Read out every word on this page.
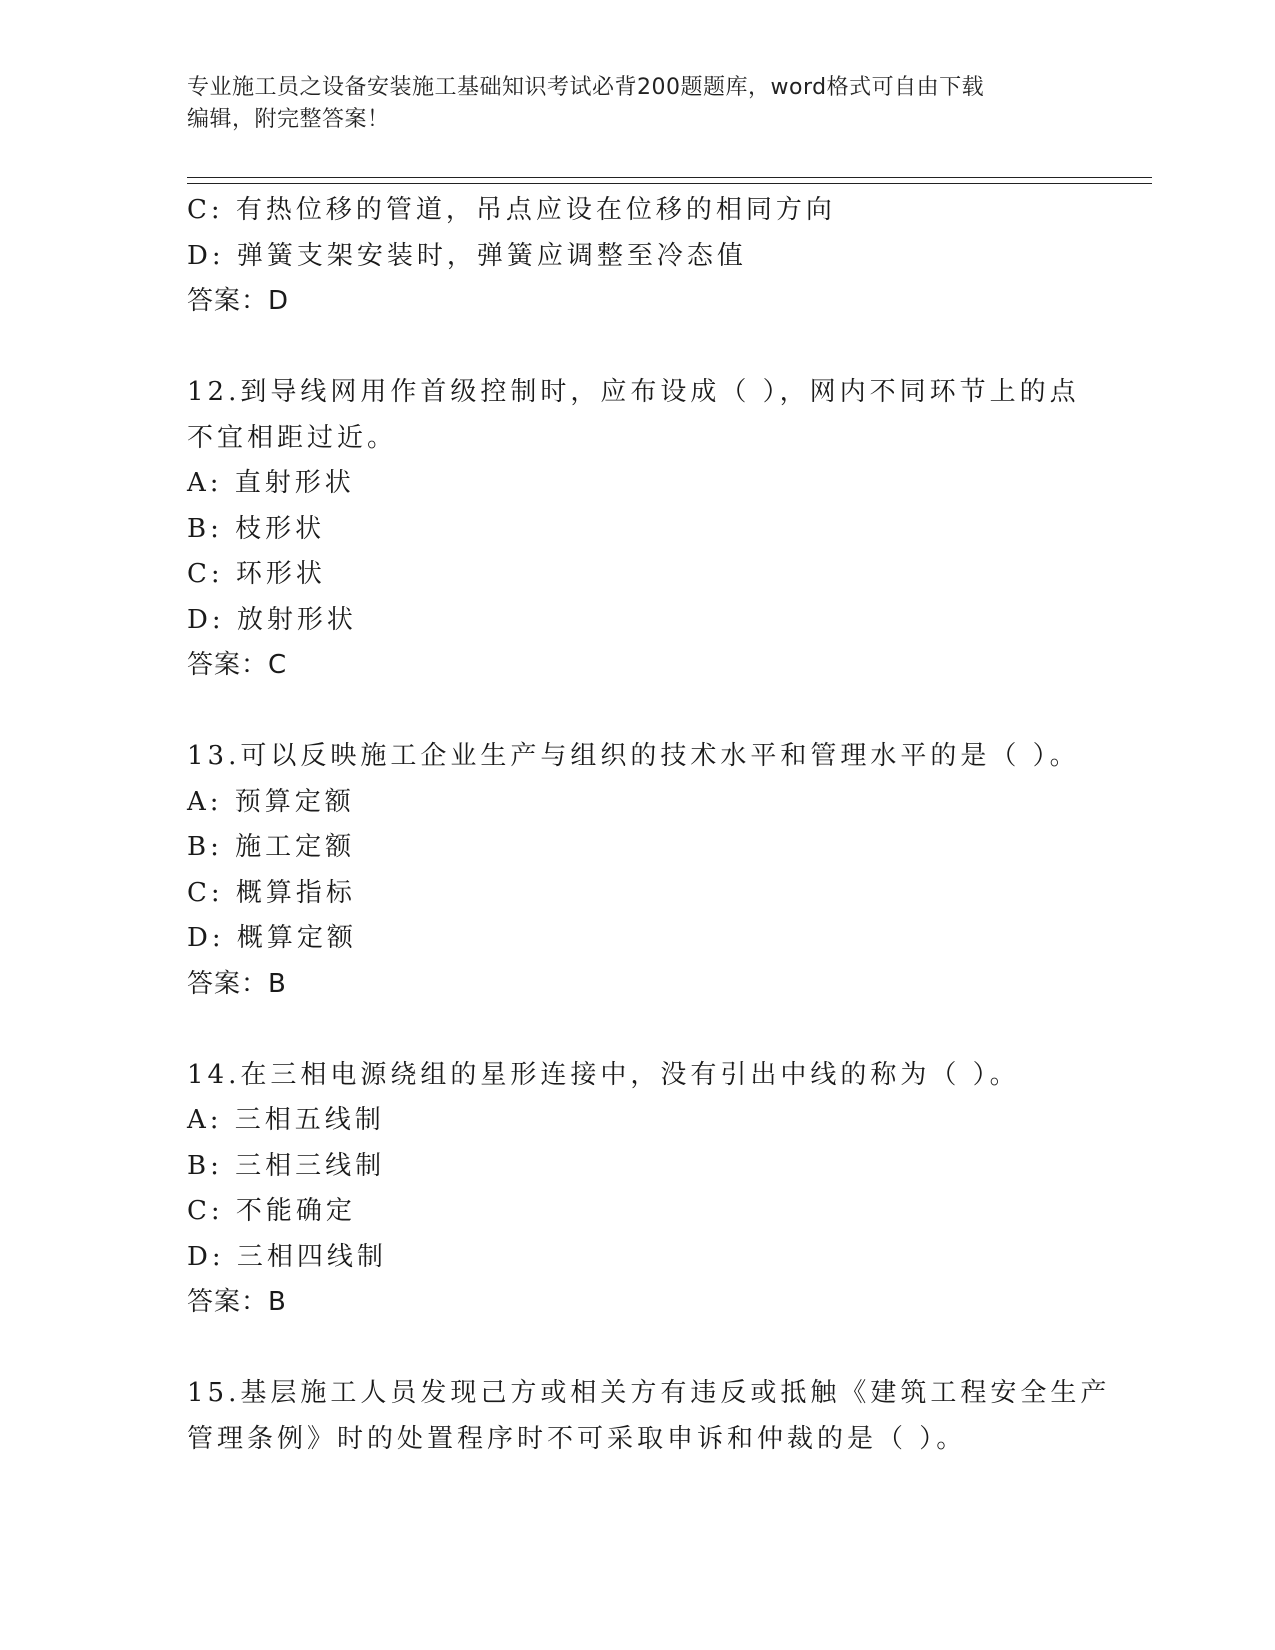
专业施工员之设备安装施工基础知识考试必背200题题库，word格式可自由下载
编辑，附完整答案！
C: 有热位移的管道，吊点应设在位移的相同方向
D: 弹簧支架安装时，弹簧应调整至冷态值
答案：D
12.到导线网用作首级控制时，应布设成（ ），网内不同环节上的点
不宜相距过近。
A: 直射形状
B: 枝形状
C: 环形状
D: 放射形状
答案：C
13.可以反映施工企业生产与组织的技术水平和管理水平的是（ ）。
A: 预算定额
B: 施工定额
C: 概算指标
D: 概算定额
答案：B
14.在三相电源绕组的星形连接中，没有引出中线的称为（ ）。
A: 三相五线制
B: 三相三线制
C: 不能确定
D: 三相四线制
答案：B
15.基层施工人员发现己方或相关方有违反或抵触《建筑工程安全生产
管理条例》时的处置程序时不可采取申诉和仲裁的是（ ）。
